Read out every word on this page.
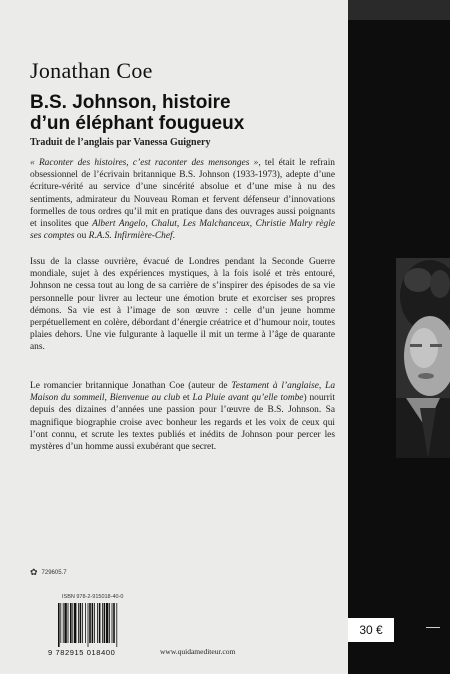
Jonathan Coe
B.S. Johnson, histoire
d’un éléphant fougueux
Traduit de l’anglais par Vanessa Guignery
« Raconter des histoires, c’est raconter des mensonges », tel était le refrain obsessionnel de l’écrivain britannique B.S. Johnson (1933-1973), adepte d’une écriture-vérité au service d’une sincérité absolue et d’une mise à nu des sentiments, admirateur du Nouveau Roman et fervent défenseur d’innovations formelles de tous ordres qu’il mit en pratique dans des ouvrages aussi poignants et insolites que Albert Angelo, Chalut, Les Malchanceux, Christie Malry règle ses comptes ou R.A.S. Infirmière-Chef.
Issu de la classe ouvrière, évacué de Londres pendant la Seconde Guerre mondiale, sujet à des expériences mystiques, à la fois isolé et très entouré, Johnson ne cessa tout au long de sa carrière de s’inspirer des épisodes de sa vie personnelle pour livrer au lecteur une émotion brute et exorciser ses propres démons. Sa vie est à l’image de son œuvre : celle d’un jeune homme perpétuellement en colère, débordant d’énergie créatrice et d’humour noir, toutes plaies dehors. Une vie fulgurante à laquelle il mit un terme à l’âge de quarante ans.
Le romancier britannique Jonathan Coe (auteur de Testament à l’anglaise, La Maison du sommeil, Bienvenue au club et La Pluie avant qu’elle tombe) nourrit depuis des dizaines d’années une passion pour l’œuvre de B.S. Johnson. Sa magnifique biographie croise avec bonheur les regards et les voix de ceux qui l’ont connu, et scrute les textes publiés et inédits de Johnson pour percer les mystères d’un homme aussi exubérant que secret.
✿ 729605.7
ISBN 978-2-915018-40-0
9 782915 018400	www.quidamediteur.com
30 €
